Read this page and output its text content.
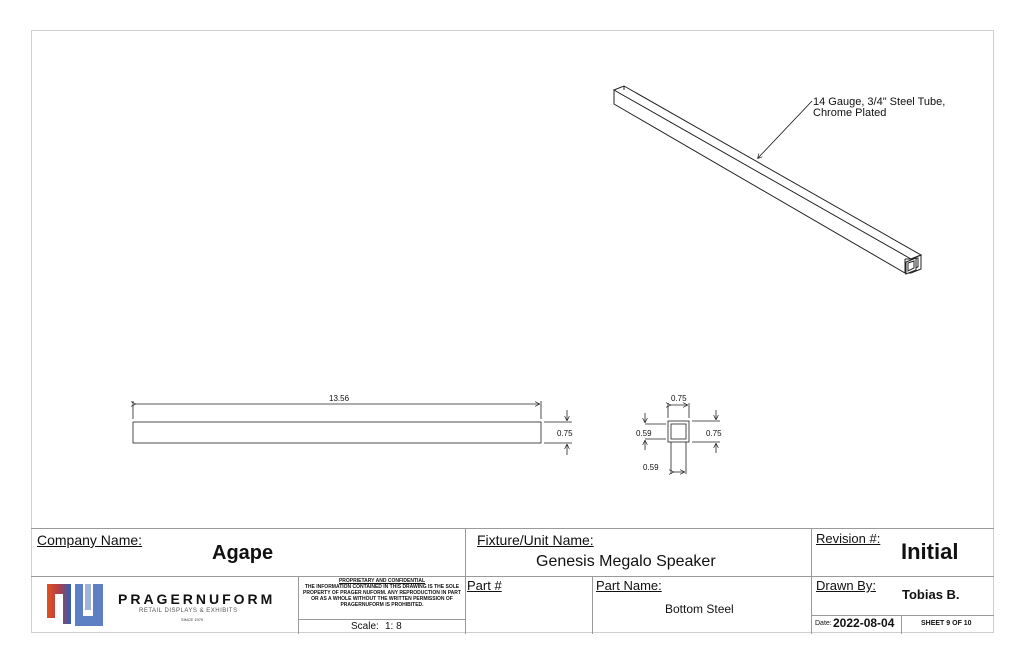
14 Gauge, 3/4" Steel Tube,
Chrome Plated
13.56
0.75
0.75
0.59	0.75
0.59
Company Name:
Agape
Fixture/Unit Name:
Genesis Megalo Speaker
Revision #:
Initial
PRAGERNUFORM
RETAIL DISPLAYS & EXHIBITS
SINCE 1970
PROPRIETARY AND CONFIDENTIAL
THE INFORMATION CONTAINED IN THIS DRAWING IS THE SOLE PROPERTY OF PRAGER NUFORM. ANY REPRODUCTION IN PART OR AS A WHOLE WITHOUT THE WRITTEN PERMISSION OF PRAGERNUFORM IS PROHIBITED.
Scale: 1: 8
Part #	Part Name:
Bottom Steel
Drawn By:
Tobias B.
Date: 2022-08-04	SHEET 9 OF 10
